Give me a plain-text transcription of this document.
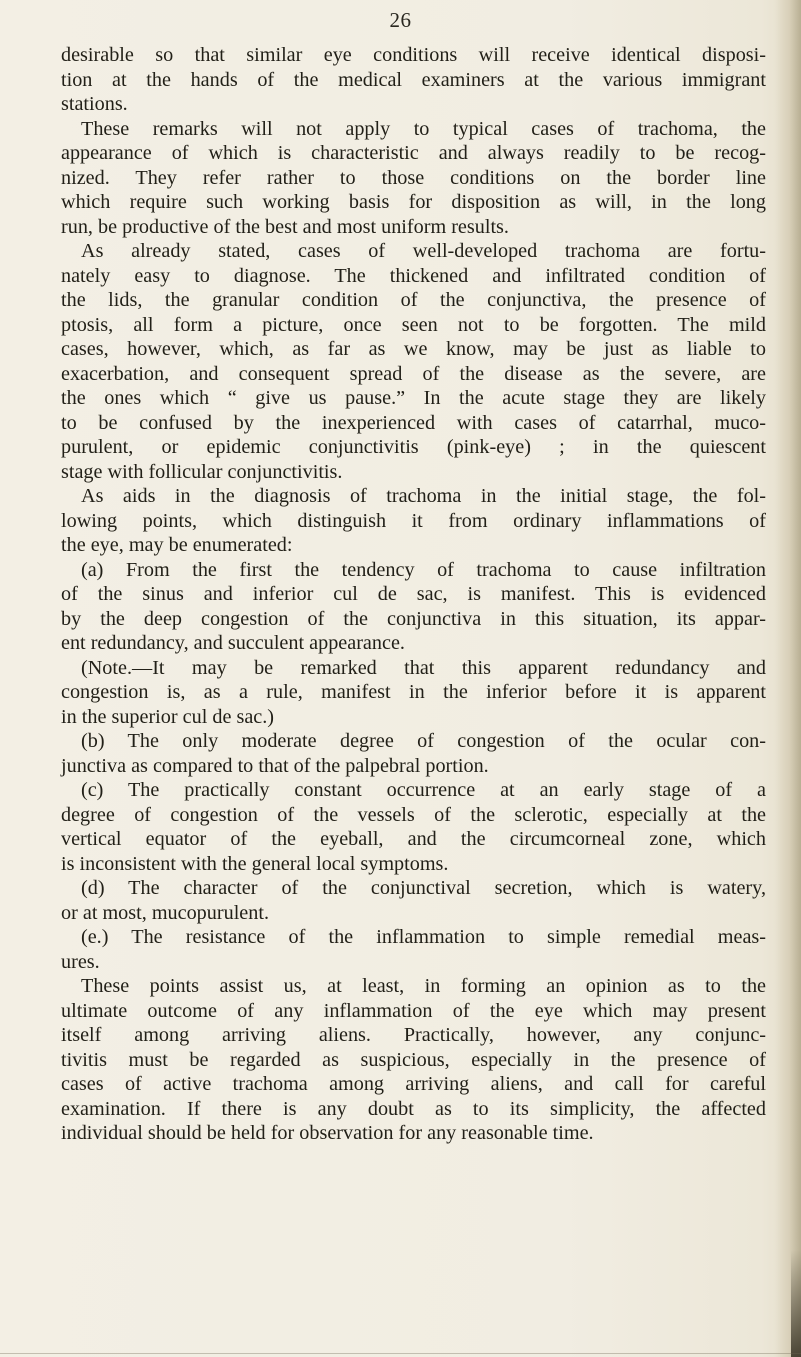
26
desirable so that similar eye conditions will receive identical disposi-
tion at the hands of the medical examiners at the various immigrant
stations.
These remarks will not apply to typical cases of trachoma, the
appearance of which is characteristic and always readily to be recog-
nized. They refer rather to those conditions on the border line
which require such working basis for disposition as will, in the long
run, be productive of the best and most uniform results.
As already stated, cases of well-developed trachoma are fortu-
nately easy to diagnose. The thickened and infiltrated condition of
the lids, the granular condition of the conjunctiva, the presence of
ptosis, all form a picture, once seen not to be forgotten. The mild
cases, however, which, as far as we know, may be just as liable to
exacerbation, and consequent spread of the disease as the severe, are
the ones which “ give us pause.” In the acute stage they are likely
to be confused by the inexperienced with cases of catarrhal, muco-
purulent, or epidemic conjunctivitis (pink-eye) ; in the quiescent
stage with follicular conjunctivitis.
As aids in the diagnosis of trachoma in the initial stage, the fol-
lowing points, which distinguish it from ordinary inflammations of
the eye, may be enumerated:
(a) From the first the tendency of trachoma to cause infiltration
of the sinus and inferior cul de sac, is manifest. This is evidenced
by the deep congestion of the conjunctiva in this situation, its appar-
ent redundancy, and succulent appearance.
(Note.—It may be remarked that this apparent redundancy and
congestion is, as a rule, manifest in the inferior before it is apparent
in the superior cul de sac.)
(b) The only moderate degree of congestion of the ocular con-
junctiva as compared to that of the palpebral portion.
(c) The practically constant occurrence at an early stage of a
degree of congestion of the vessels of the sclerotic, especially at the
vertical equator of the eyeball, and the circumcorneal zone, which
is inconsistent with the general local symptoms.
(d) The character of the conjunctival secretion, which is watery,
or at most, mucopurulent.
(e.) The resistance of the inflammation to simple remedial meas-
ures.
These points assist us, at least, in forming an opinion as to the
ultimate outcome of any inflammation of the eye which may present
itself among arriving aliens. Practically, however, any conjunc-
tivitis must be regarded as suspicious, especially in the presence of
cases of active trachoma among arriving aliens, and call for careful
examination. If there is any doubt as to its simplicity, the affected
individual should be held for observation for any reasonable time.
